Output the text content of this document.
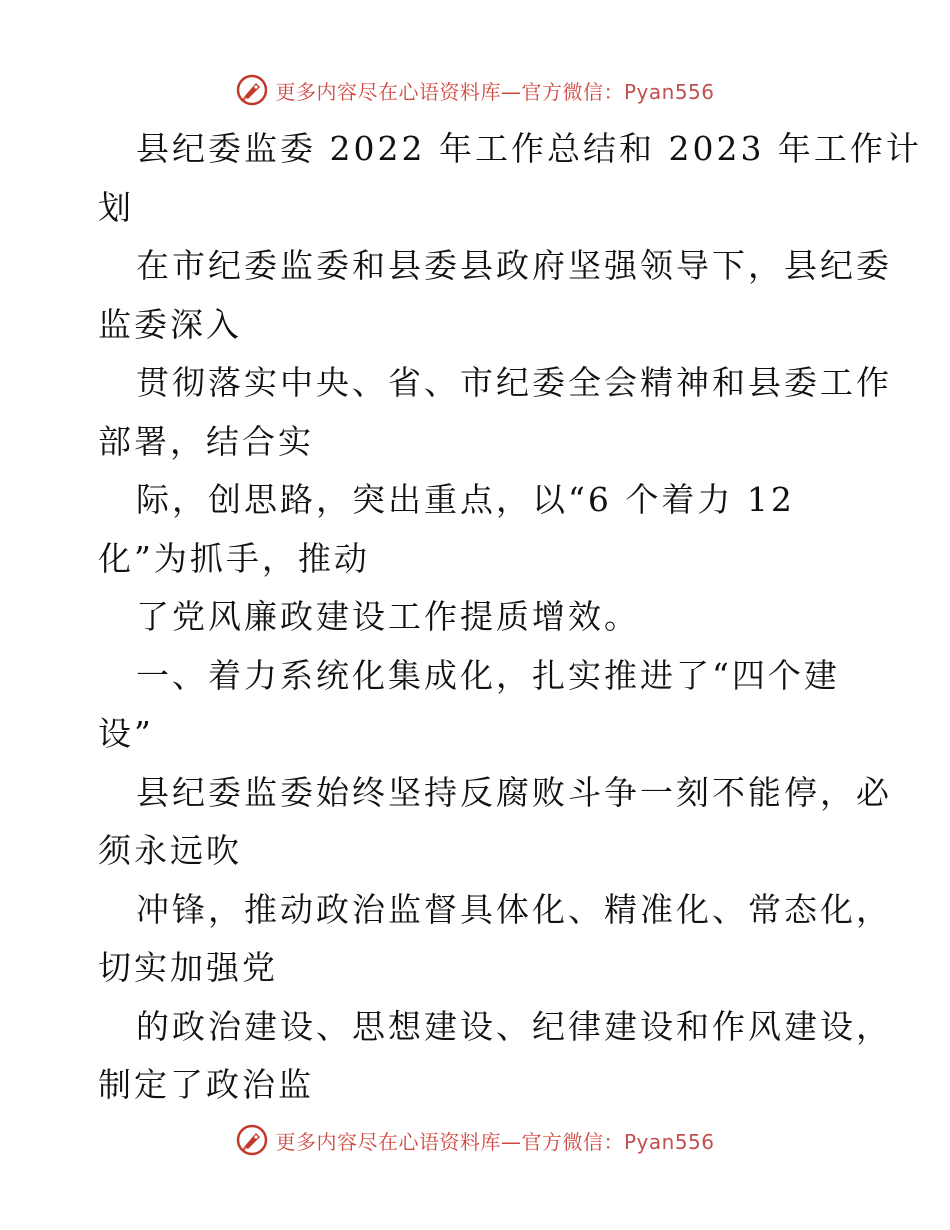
更多内容尽在心语资料库—官方微信：Pyan556
县纪委监委 2022 年工作总结和 2023 年工作计
划
在市纪委监委和县委县政府坚强领导下，县纪委
监委深入
贯彻落实中央、省、市纪委全会精神和县委工作
部署，结合实
际，创思路，突出重点，以“6 个着力 12
化”为抓手，推动
了党风廉政建设工作提质增效。
一、着力系统化集成化，扎实推进了“四个建
设”
县纪委监委始终坚持反腐败斗争一刻不能停，必
须永远吹
冲锋，推动政治监督具体化、精准化、常态化，
切实加强党
的政治建设、思想建设、纪律建设和作风建设，
制定了政治监
更多内容尽在心语资料库—官方微信：Pyan556
